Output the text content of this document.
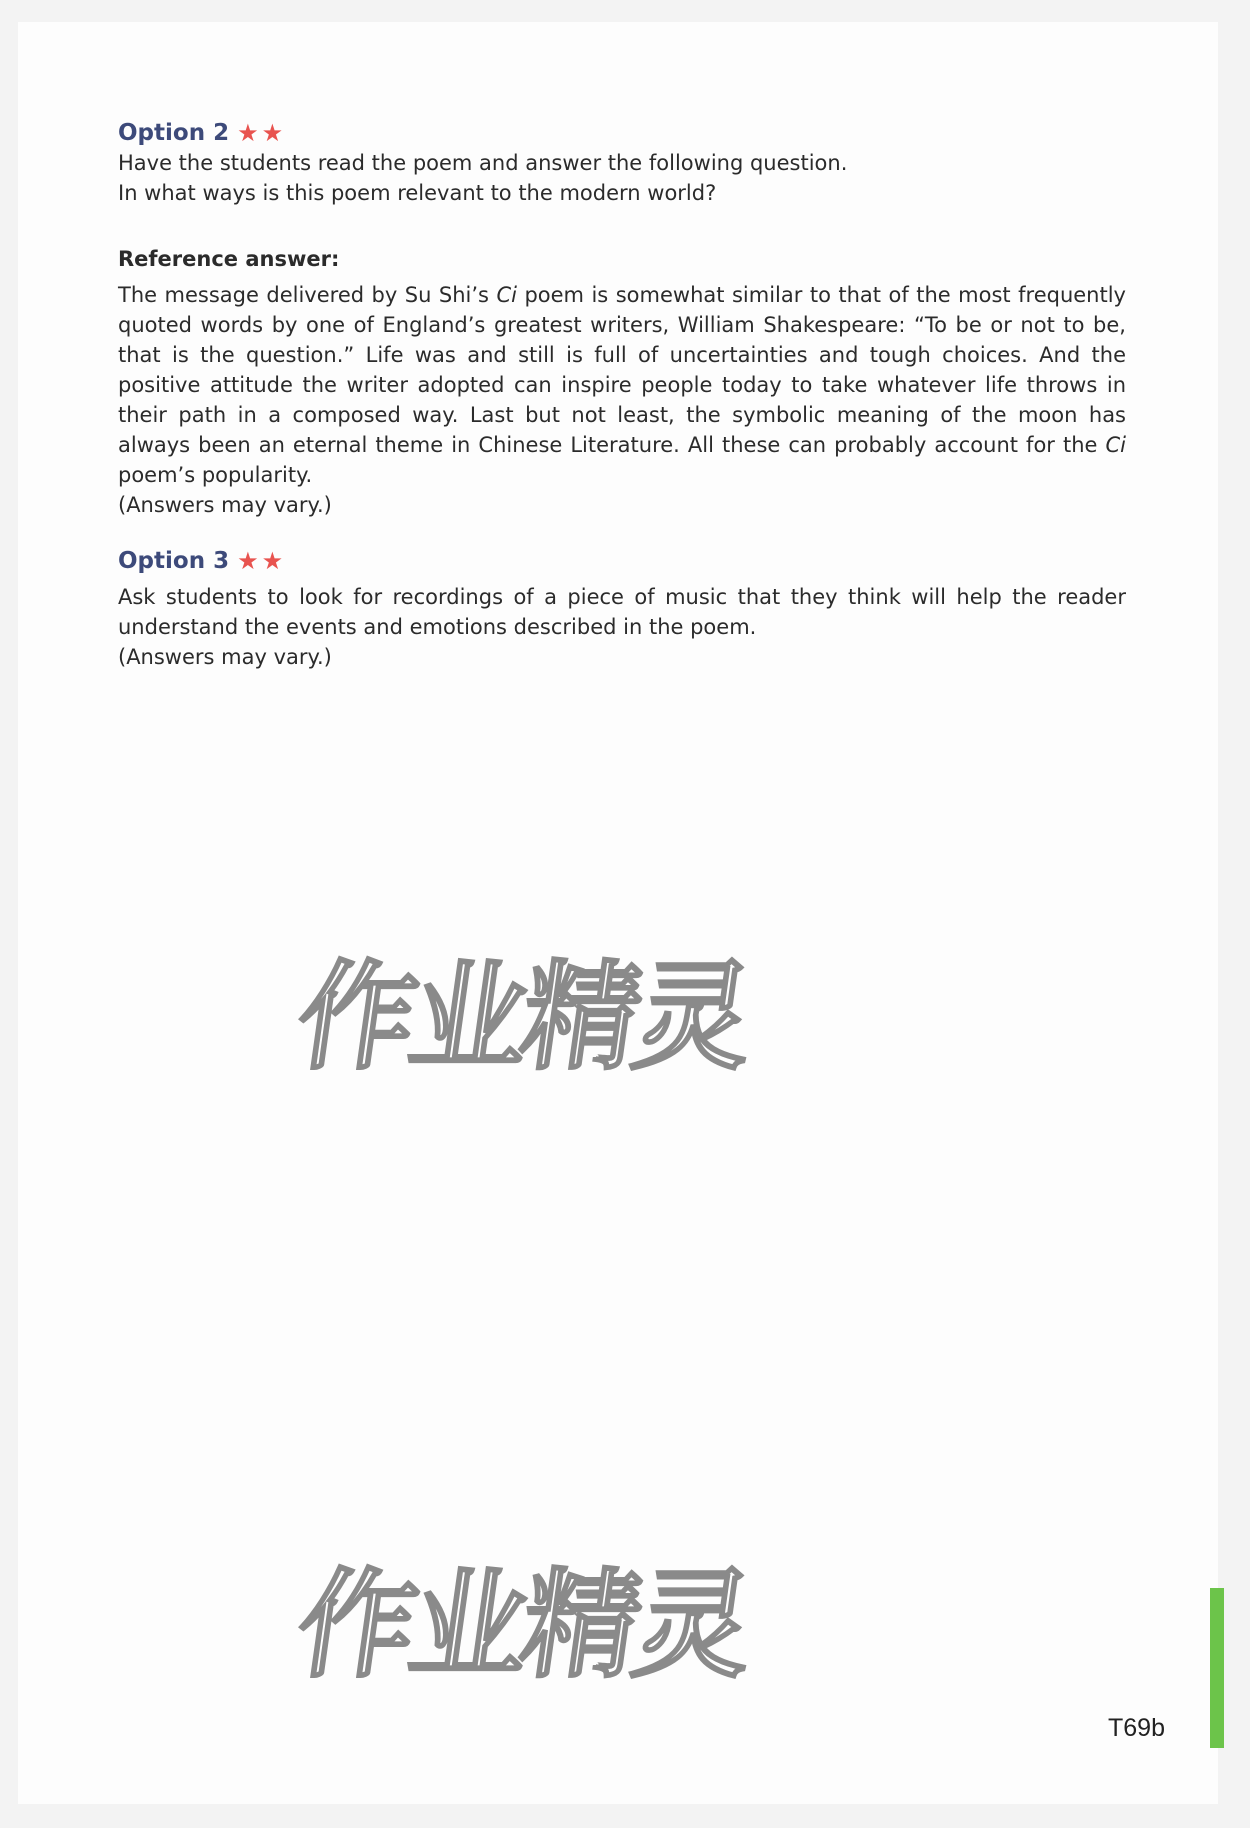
Option 2 ★★
Have the students read the poem and answer the following question.
In what ways is this poem relevant to the modern world?
Reference answer:
The message delivered by Su Shi’s Ci poem is somewhat similar to that of the most frequently quoted words by one of England’s greatest writers, William Shakespeare: “To be or not to be, that is the question.” Life was and still is full of uncertainties and tough choices. And the positive attitude the writer adopted can inspire people today to take whatever life throws in their path in a composed way. Last but not least, the symbolic meaning of the moon has always been an eternal theme in Chinese Literature. All these can probably account for the Ci poem’s popularity.
(Answers may vary.)
Option 3 ★★
Ask students to look for recordings of a piece of music that they think will help the reader understand the events and emotions described in the poem.
(Answers may vary.)
作业精灵
作业精灵
T69b
